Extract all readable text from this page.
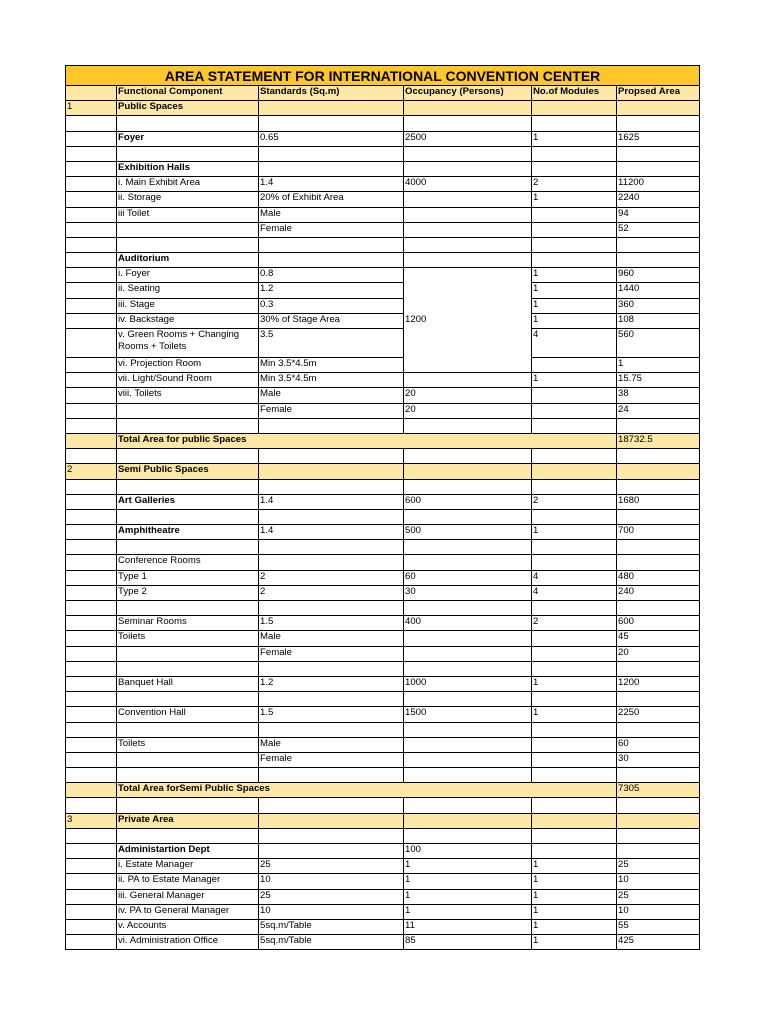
AREA STATEMENT FOR INTERNATIONAL CONVENTION CENTER						
	Functional Component	Standards (Sq.m)	Occupancy (Persons)	No.of Modules	Propsed Area	
1	Public Spaces					

	Foyer	0.65	2500	1	1625	

	Exhibition Halls					
	i. Main Exhibit Area	1.4	4000	2	11200	
	ii. Storage	20% of Exhibit Area		1	2240	
	iii Toilet	Male			94	
		Female			52	

	Auditorium					
	i. Foyer	0.8	1200	1	960	
	ii. Seating	1.2		1	1440	
	iii. Stage	0.3		1	360	
	iv. Backstage	30% of Stage Area		1	108	
	v. Green Rooms + Changing Rooms + Toilets	3.5		4	560	
	vi. Projection Room	Min 3.5*4.5m			1	
	vii. Light/Sound Room	Min 3.5*4.5m		1	15.75	
	viii. Toilets	Male	20		38	
		Female	20		24	

	Total Area for public Spaces				18732.5	

2	Semi Public Spaces					

	Art Galleries	1.4	600	2	1680	

	Amphitheatre	1.4	500	1	700	

	Conference Rooms					
	Type 1	2	60	4	480	
	Type 2	2	30	4	240	

	Seminar Rooms	1.5	400	2	600	
	Toilets	Male			45	
		Female			20	

	Banquet Hall	1.2	1000	1	1200	

	Convention Hall	1.5	1500	1	2250	

	Toilets	Male			60	
		Female			30	

	Total Area forSemi Public Spaces				7305	

3	Private Area					

	Administartion Dept		100			
	i. Estate Manager	25	1	1	25	
	ii. PA to Estate Manager	10	1	1	10	
	iii. General Manager	25	1	1	25	
	iv. PA to General Manager	10	1	1	10	
	v. Accounts	5sq.m/Table	11	1	55	
	vi. Administration Office	5sq.m/Table	85	1	425	
